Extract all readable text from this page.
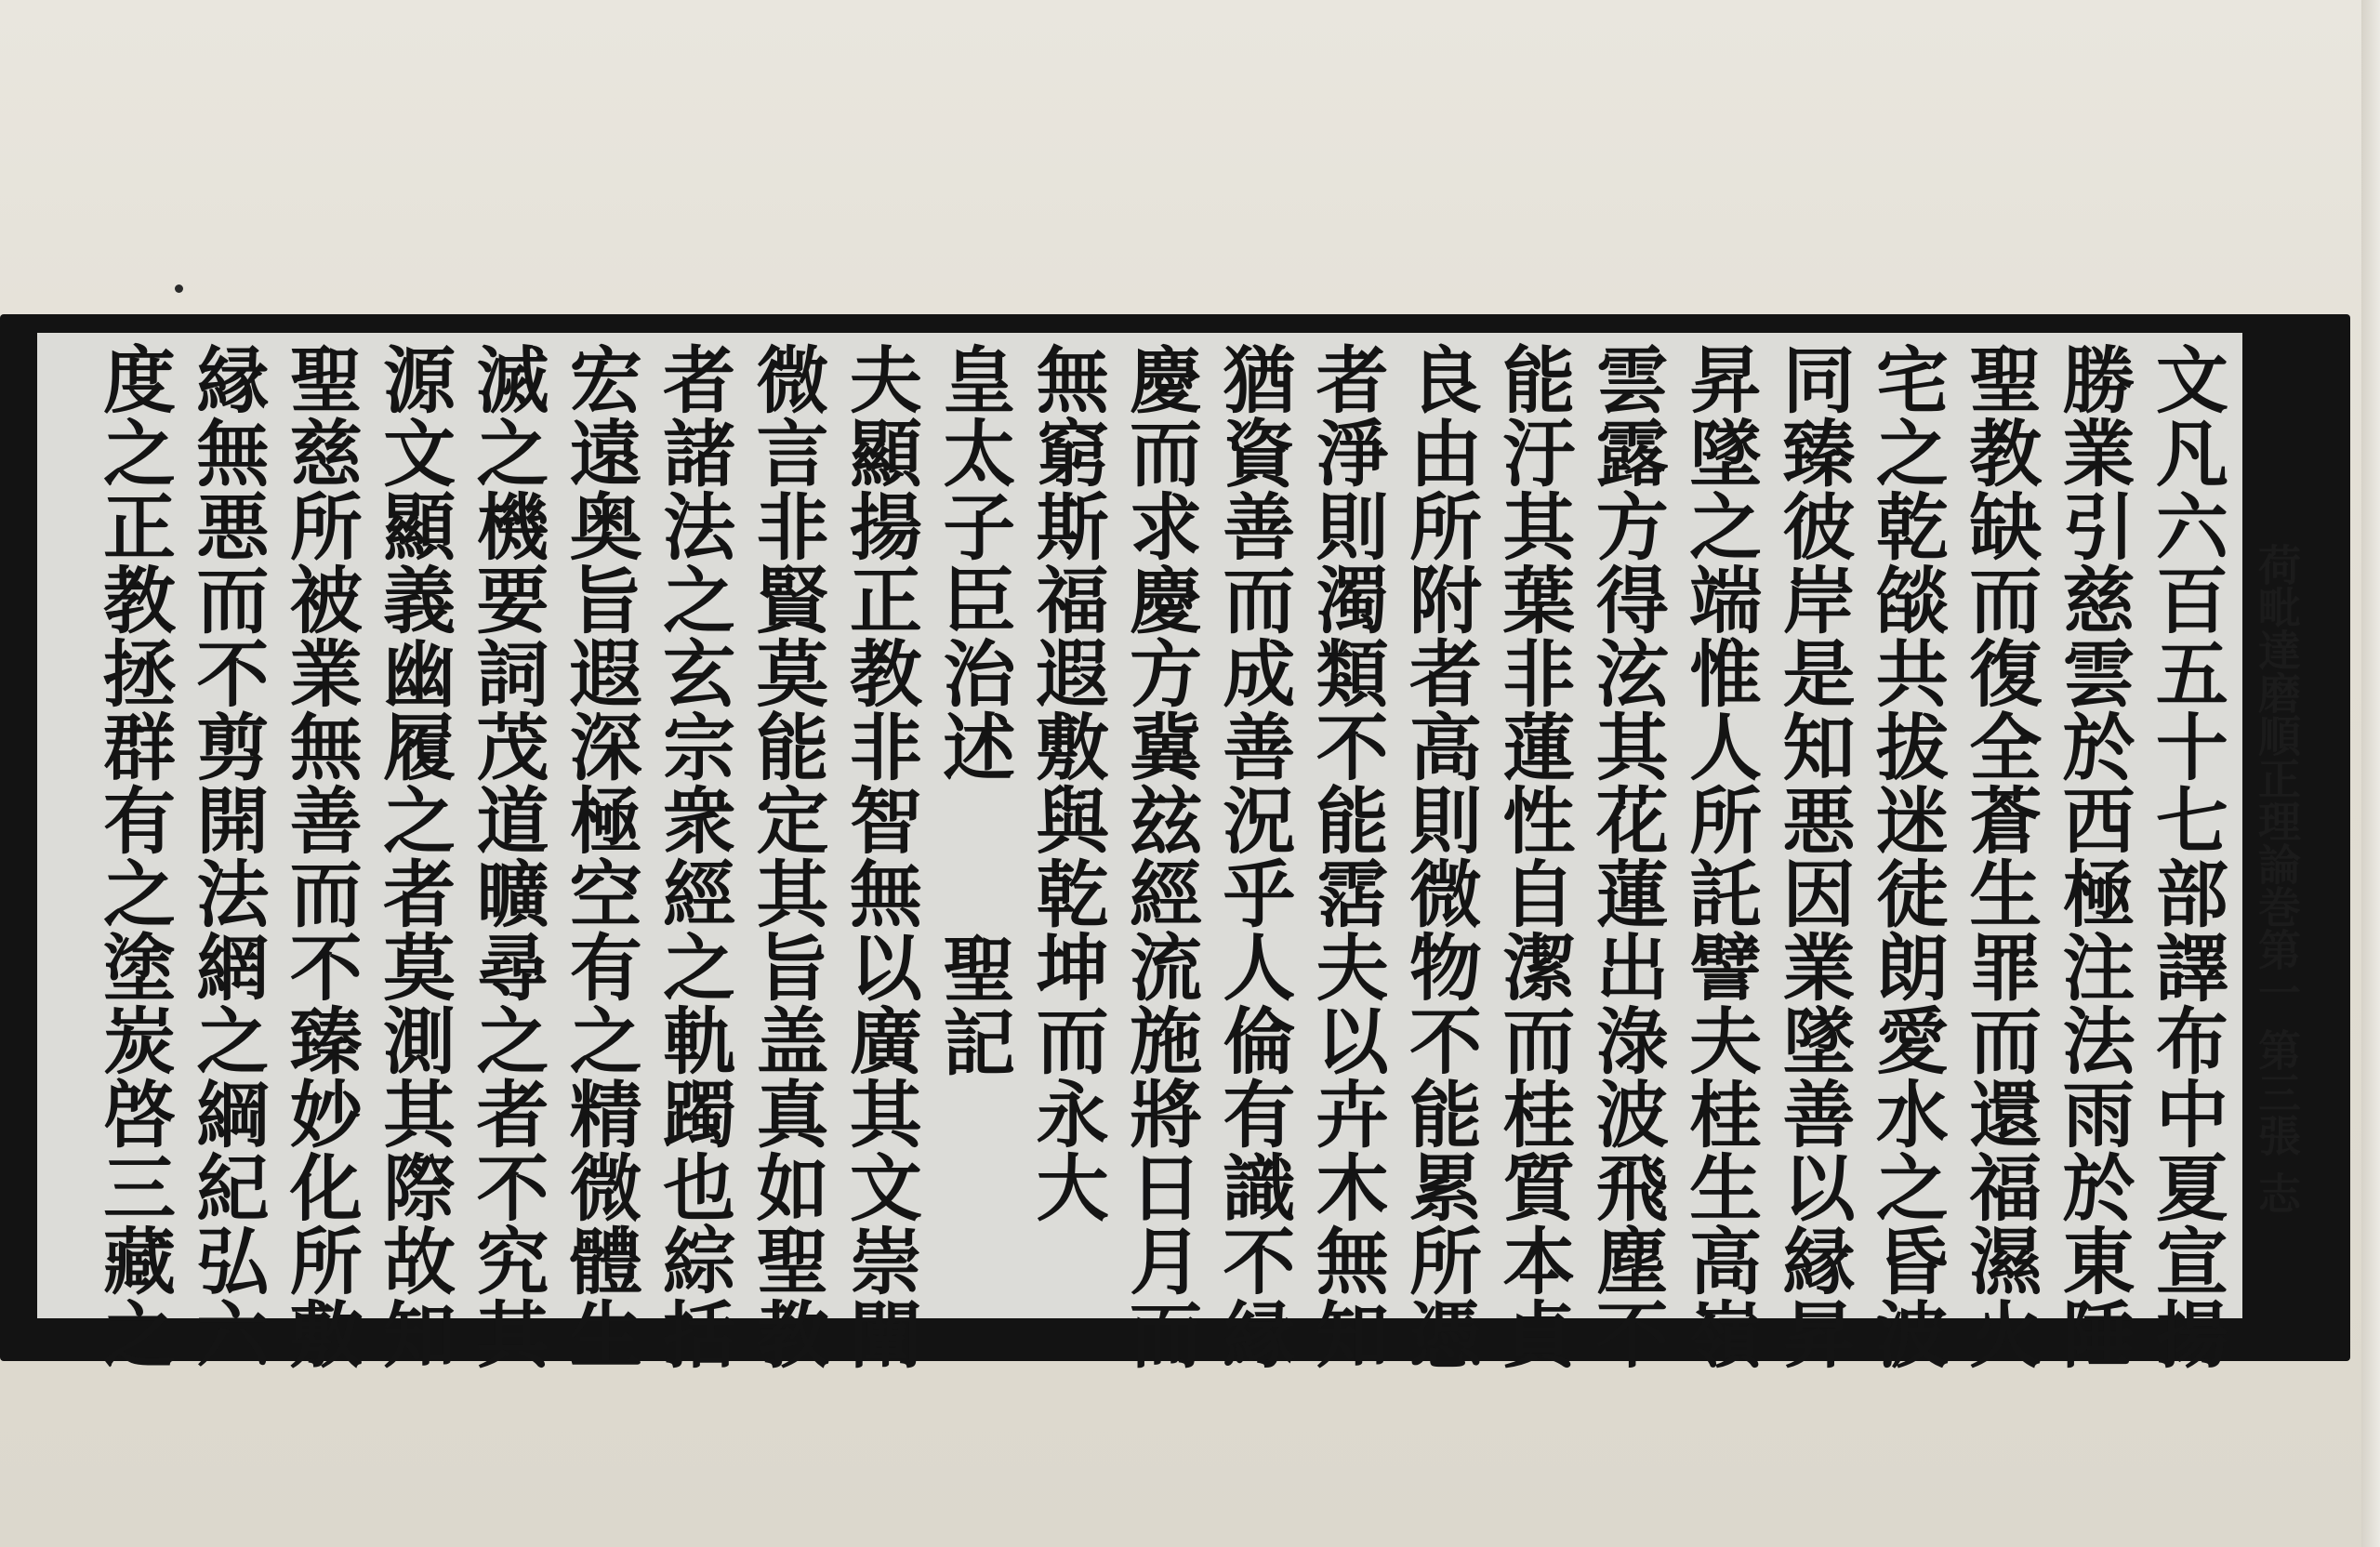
荷毗達磨順正理論巻第一 第三張 志
文凡六百五十七部譯布中夏宣揚
勝業引慈雲於西極注法雨於東陲
聖教缺而復全蒼生罪而還福濕火
宅之乾燄共拔迷徒朗愛水之昏波
同臻彼岸是知悪因業墜善以縁昇
昇墜之端惟人所託譬夫桂生高嶺
雲露方得泫其花蓮出淥波飛塵不
能汙其葉非蓮性自潔而桂質本貞
良由所附者高則微物不能累所憑
者淨則濁類不能霑夫以卉木無知
猶資善而成善況乎人倫有識不縁
慶而求慶方冀玆經流施將日月而
無窮斯福遐敷與乾坤而永大
皇太子臣治述聖記
夫顯揚正教非智無以廣其文崇闡
微言非賢莫能定其旨盖真如聖教
者諸法之玄宗衆經之軌躅也綜括
宏遠奥旨遐深極空有之精微體生
滅之機要詞茂道曠尋之者不究其
源文顯義幽履之者莫測其際故知
聖慈所被業無善而不臻妙化所敷
縁無悪而不剪開法網之綱紀弘六
度之正教拯群有之塗炭啓三藏之
